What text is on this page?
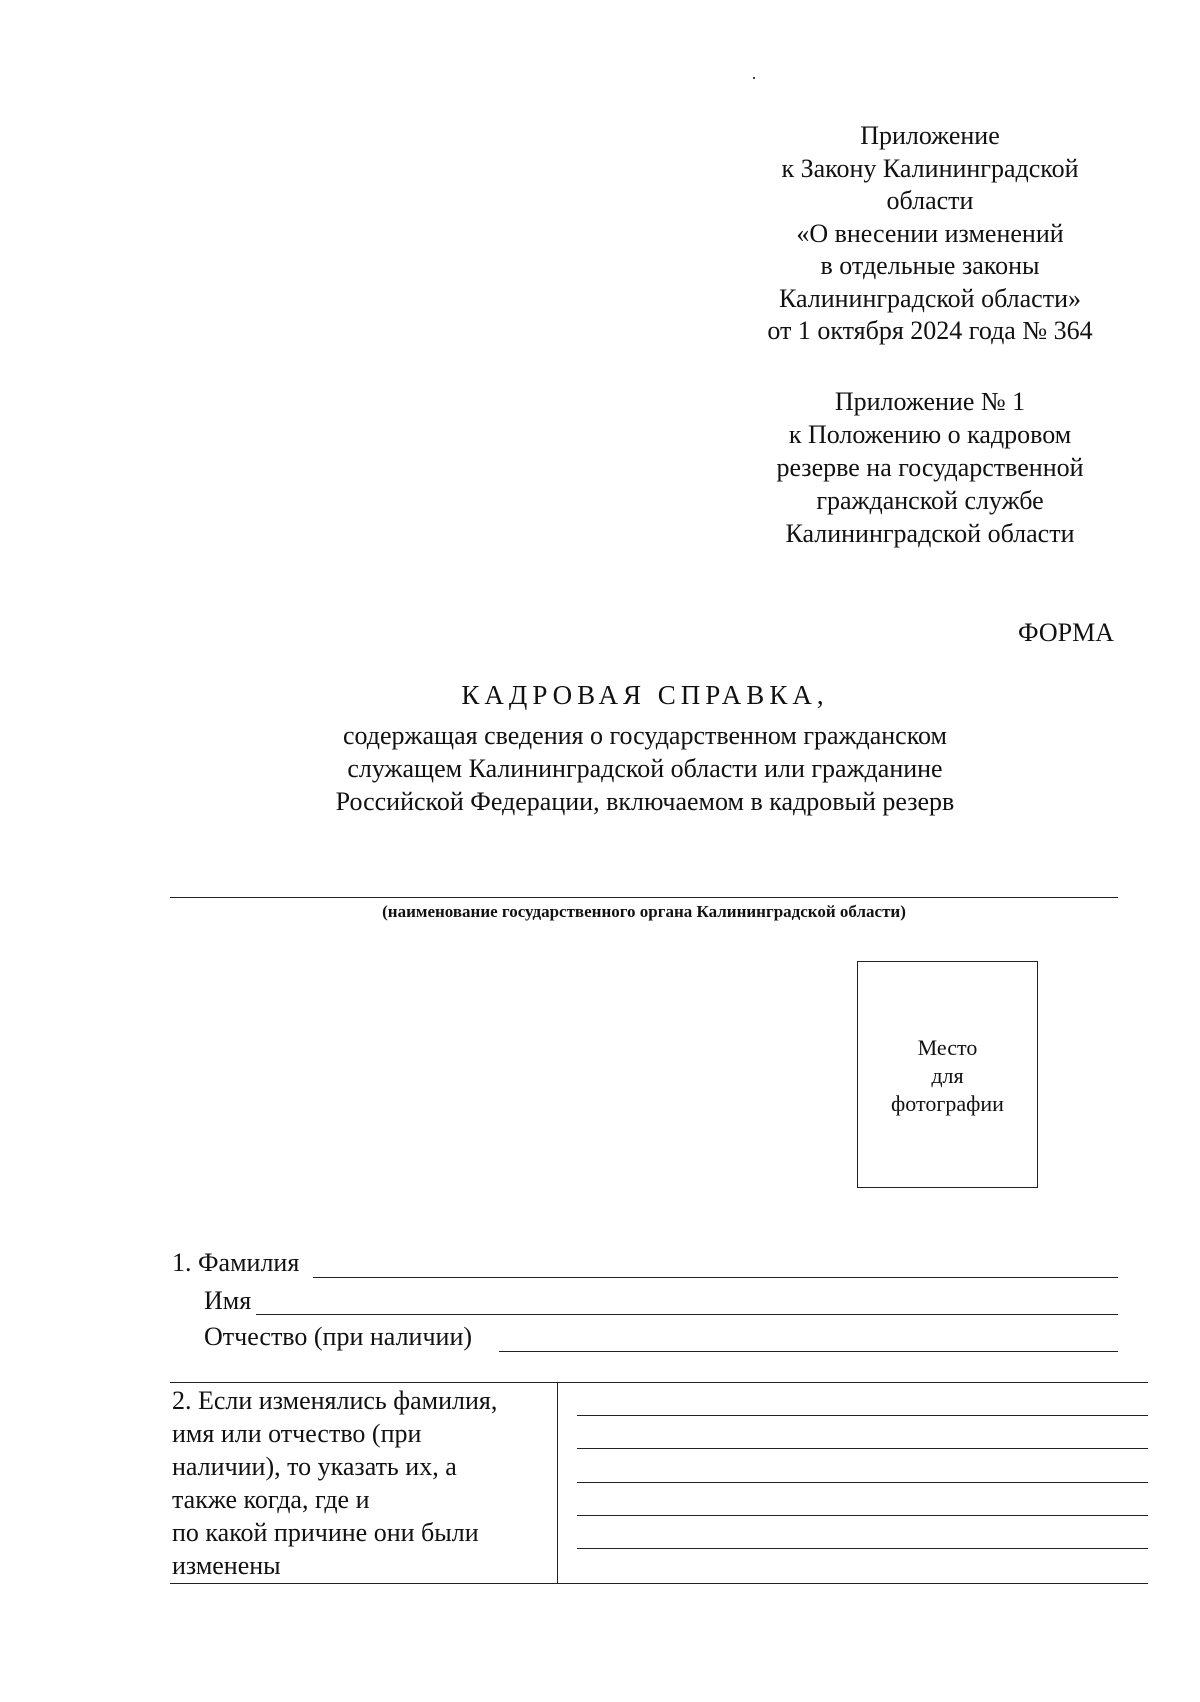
Приложение
к Закону Калининградской
области
«О внесении изменений
в отдельные законы
Калининградской области»
от 1 октября 2024 года № 364
Приложение № 1
к Положению о кадровом
резерве на государственной
гражданской службе
Калининградской области
ФОРМА
КАДРОВАЯ СПРАВКА,
содержащая сведения о государственном гражданском
служащем Калининградской области или гражданине
Российской Федерации, включаемом в кадровый резерв
(наименование государственного органа Калининградской области)
Место
для
фотографии
1. Фамилия
Имя
Отчество (при наличии)
2. Если изменялись фамилия,
имя или отчество (при
наличии), то указать их, а
также когда, где и
по какой причине они были
изменены
